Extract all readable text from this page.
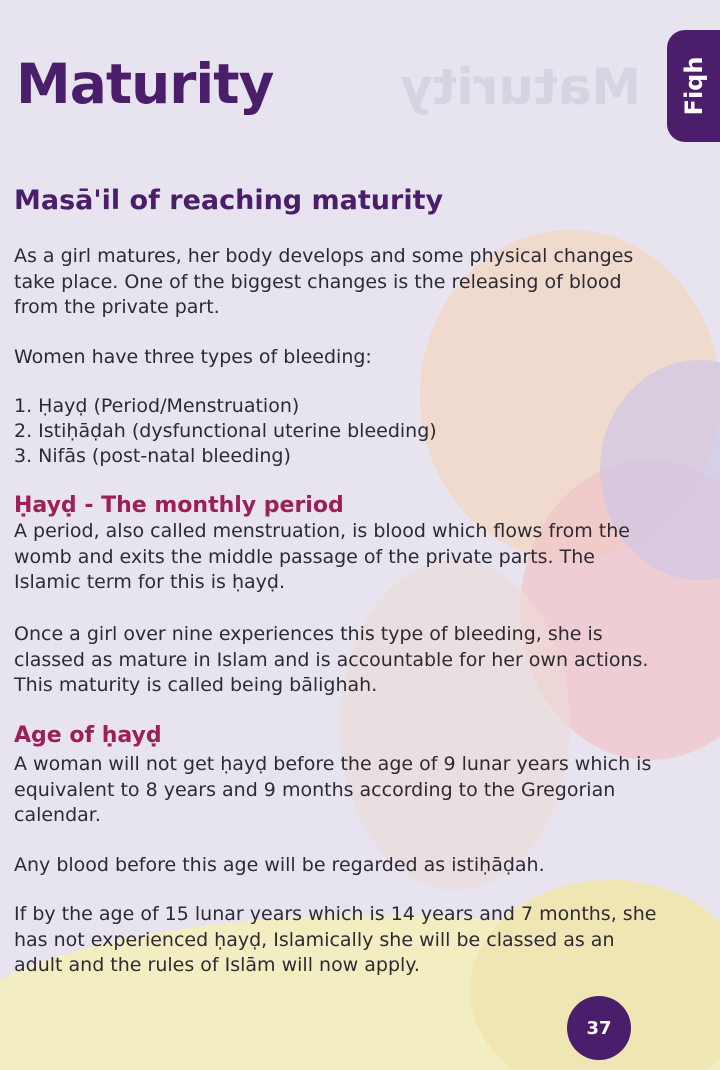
Maturity Fiqh
Maturity
Masā'il of reaching maturity

As a girl matures, her body develops and some physical changes take place. One of the biggest changes is the releasing of blood from the private part.

Women have three types of bleeding:

1. Ḥayḍ (Period/Menstruation)
2. Istiḥāḍah (dysfunctional uterine bleeding)
3. Nifās (post-natal bleeding)
Ḥayḍ - The monthly period

A period, also called menstruation, is blood which flows from the womb and exits the middle passage of the private parts. The Islamic term for this is ḥayḍ.

Once a girl over nine experiences this type of bleeding, she is classed as mature in Islam and is accountable for her own actions. This maturity is called being bālighah.

Age of ḥayḍ

A woman will not get ḥayḍ before the age of 9 lunar years which is equivalent to 8 years and 9 months according to the Gregorian calendar.

Any blood before this age will be regarded as istiḥāḍah.

If by the age of 15 lunar years which is 14 years and 7 months, she has not experienced ḥayḍ, Islamically she will be classed as an adult and the rules of Islām will now apply.

37
